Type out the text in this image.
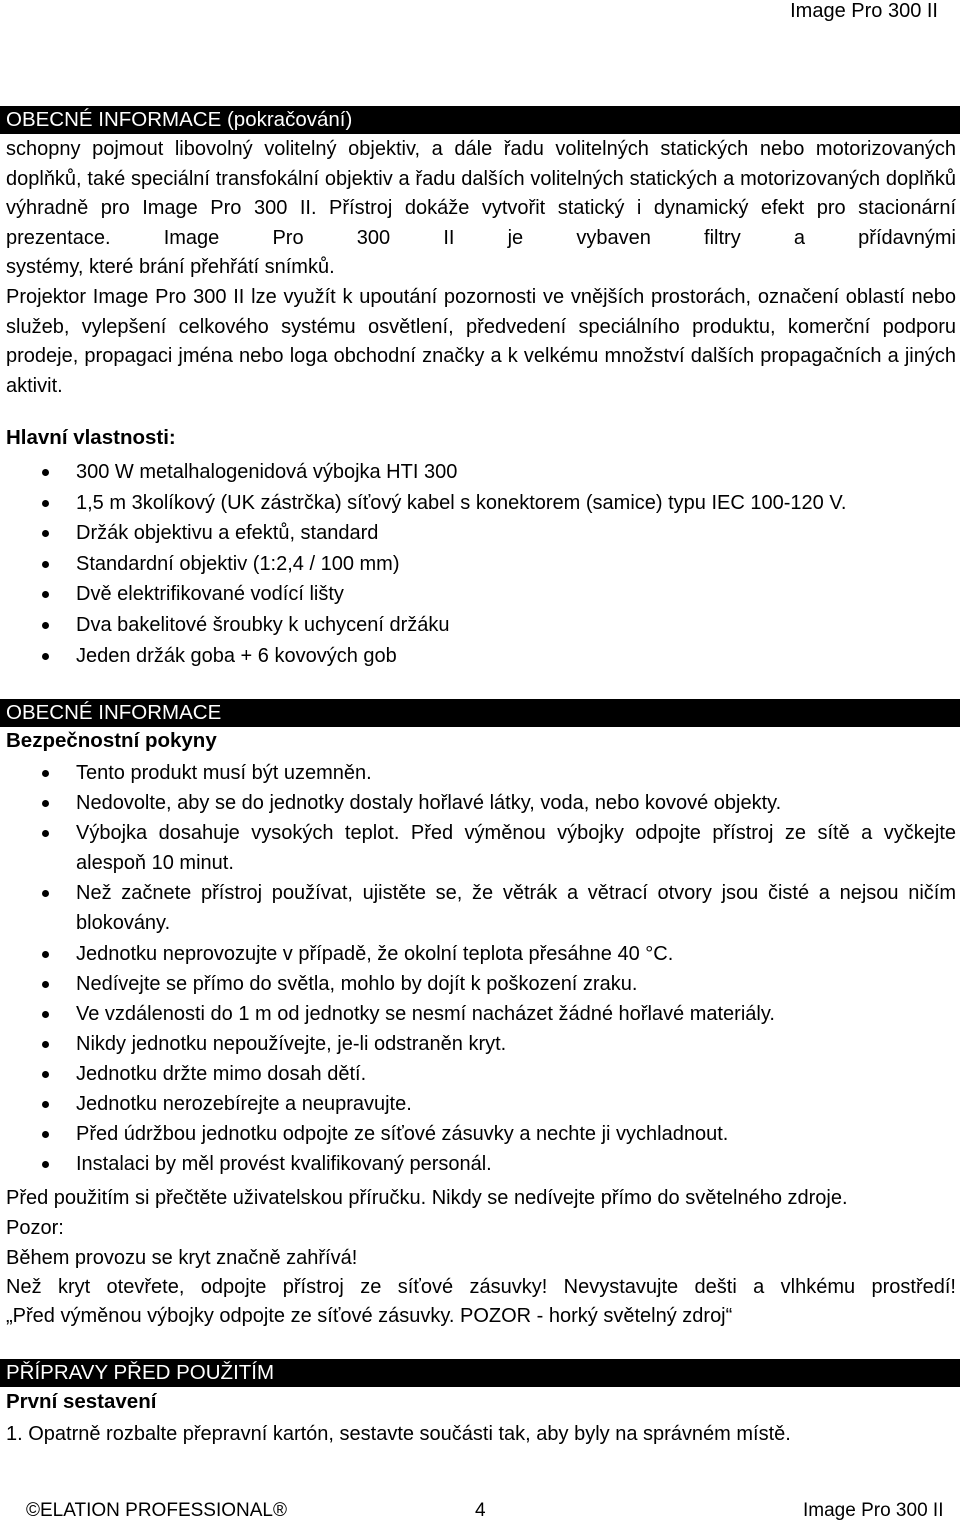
Image Pro 300 II
OBECNÉ INFORMACE (pokračování)
schopny pojmout libovolný volitelný objektiv, a dále řadu volitelných statických nebo motorizovaných doplňků, také speciální transfokální objektiv a řadu dalších volitelných statických a motorizovaných doplňků výhradně pro Image Pro 300 II. Přístroj dokáže vytvořit statický i dynamický efekt pro stacionární prezentace. Image Pro 300 II je vybaven filtry a přídavnými
systémy, které brání přehřátí snímků.
Projektor Image Pro 300 II lze využít k upoutání pozornosti ve vnějších prostorách, označení oblastí nebo služeb, vylepšení celkového systému osvětlení, předvedení speciálního produktu, komerční podporu prodeje, propagaci jména nebo loga obchodní značky a k velkému množství dalších propagačních a jiných aktivit.
Hlavní vlastnosti:
300 W metalhalogenidová výbojka HTI 300
1,5 m 3kolíkový (UK zástrčka) síťový kabel s konektorem (samice) typu IEC 100-120 V.
Držák objektivu a efektů, standard
Standardní objektiv (1:2,4 / 100 mm)
Dvě elektrifikované vodící lišty
Dva bakelitové šroubky k uchycení držáku
Jeden držák goba + 6 kovových gob
OBECNÉ INFORMACE
Bezpečnostní pokyny
Tento produkt musí být uzemněn.
Nedovolte, aby se do jednotky dostaly hořlavé látky, voda, nebo kovové objekty.
Výbojka dosahuje vysokých teplot. Před výměnou výbojky odpojte přístroj ze sítě a vyčkejte alespoň 10 minut.
Než začnete přístroj používat, ujistěte se, že větrák a větrací otvory jsou čisté a nejsou ničím blokovány.
Jednotku neprovozujte v případě, že okolní teplota přesáhne 40 °C.
Nedívejte se přímo do světla, mohlo by dojít k poškození zraku.
Ve vzdálenosti do 1 m od jednotky se nesmí nacházet žádné hořlavé materiály.
Nikdy jednotku nepoužívejte, je-li odstraněn kryt.
Jednotku držte mimo dosah dětí.
Jednotku nerozebírejte a neupravujte.
Před údržbou jednotku odpojte ze síťové zásuvky a nechte ji vychladnout.
Instalaci by měl provést kvalifikovaný personál.
Před použitím si přečtěte uživatelskou příručku. Nikdy se nedívejte přímo do světelného zdroje.
Pozor:
Během provozu se kryt značně zahřívá!
Než kryt otevřete, odpojte přístroj ze síťové zásuvky! Nevystavujte dešti a vlhkému prostředí!
„Před výměnou výbojky odpojte ze síťové zásuvky. POZOR - horký světelný zdroj“
PŘÍPRAVY PŘED POUŽITÍM
První sestavení
1. Opatrně rozbalte přepravní kartón, sestavte součásti tak, aby byly na správném místě.
©ELATION PROFESSIONAL®	4	Image Pro 300 II
